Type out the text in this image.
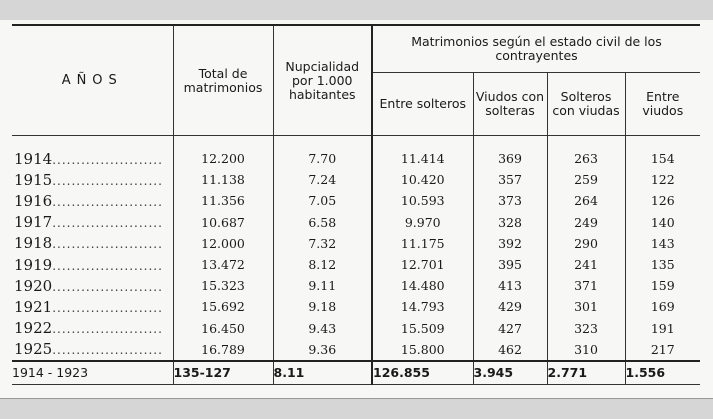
AÑOS	Total de matrimonios	Nupcialidad por 1.000 habitantes	Matrimonios según el estado civil de los contrayentes			
			Entre solteros	Viudos con solteras	Solteros con viudas	Entre viudos

1914.......................	12.200	7.70	11.414	369	263	154
1915.......................	11.138	7.24	10.420	357	259	122
1916.......................	11.356	7.05	10.593	373	264	126
1917.......................	10.687	6.58	9.970	328	249	140
1918.......................	12.000	7.32	11.175	392	290	143
1919.......................	13.472	8.12	12.701	395	241	135
1920.......................	15.323	9.11	14.480	413	371	159
1921.......................	15.692	9.18	14.793	429	301	169
1922.......................	16.450	9.43	15.509	427	323	191
1925.......................	16.789	9.36	15.800	462	310	217
1914 - 1923	135-127	8.11	126.855	3.945	2.771	1.556
